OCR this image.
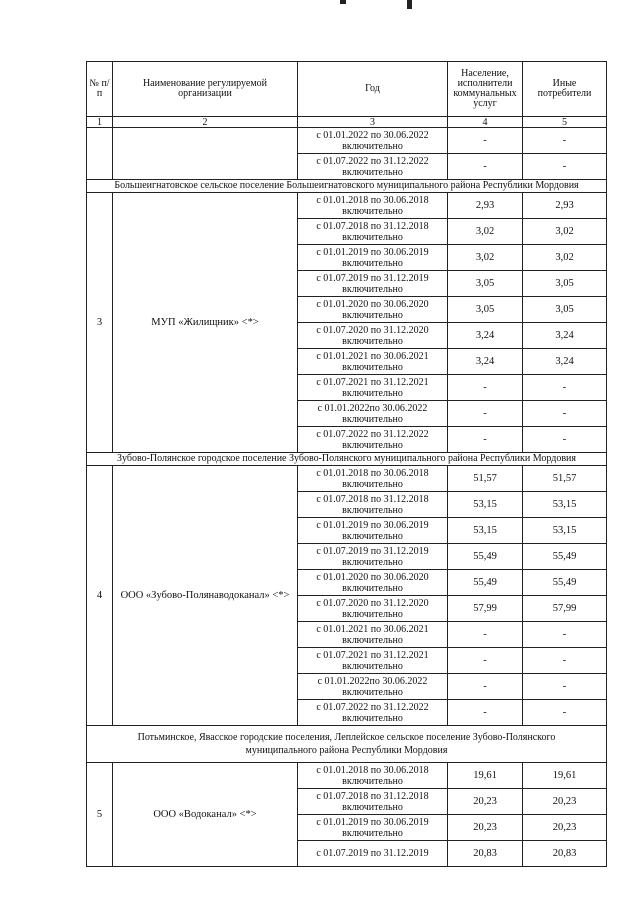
№ п/п	Наименование регулируемой организации	Год	Население, исполнители коммунальных услуг	Иные потребители
1	2	3	4	5
		с 01.01.2022 по 30.06.2022 включительно	-	-
		с 01.07.2022 по 31.12.2022 включительно	-	-
Большеигнатовское сельское поселение Большеигнатовского муниципального района Республики Мордовия				
3	МУП «Жилищник» <*>	с 01.01.2018 по 30.06.2018 включительно	2,93	2,93
		с 01.07.2018 по 31.12.2018 включительно	3,02	3,02
		с 01.01.2019 по 30.06.2019 включительно	3,02	3,02
		с 01.07.2019 по 31.12.2019 включительно	3,05	3,05
		с 01.01.2020 по 30.06.2020 включительно	3,05	3,05
		с 01.07.2020 по 31.12.2020 включительно	3,24	3,24
		с 01.01.2021 по 30.06.2021 включительно	3,24	3,24
		с 01.07.2021 по 31.12.2021 включительно	-	-
		с 01.01.2022по 30.06.2022 включительно	-	-
		с 01.07.2022 по 31.12.2022 включительно	-	-
Зубово-Полянское городское поселение Зубово-Полянского муниципального района Республики Мордовия				
4	ООО «Зубово-Полянаводоканал» <*>	с 01.01.2018 по 30.06.2018 включительно	51,57	51,57
		с 01.07.2018 по 31.12.2018 включительно	53,15	53,15
		с 01.01.2019 по 30.06.2019 включительно	53,15	53,15
		с 01.07.2019 по 31.12.2019 включительно	55,49	55,49
		с 01.01.2020 по 30.06.2020 включительно	55,49	55,49
		с 01.07.2020 по 31.12.2020 включительно	57,99	57,99
		с 01.01.2021 по 30.06.2021 включительно	-	-
		с 01.07.2021 по 31.12.2021 включительно	-	-
		с 01.01.2022по 30.06.2022 включительно	-	-
		с 01.07.2022 по 31.12.2022 включительно	-	-
Потьминское, Явасское городские поселения, Леплейское сельское поселение Зубово-Полянского муниципального района Республики Мордовия				
5	ООО «Водоканал» <*>	с 01.01.2018 по 30.06.2018 включительно	19,61	19,61
		с 01.07.2018 по 31.12.2018 включительно	20,23	20,23
		с 01.01.2019 по 30.06.2019 включительно	20,23	20,23
		с 01.07.2019 по 31.12.2019	20,83	20,83
